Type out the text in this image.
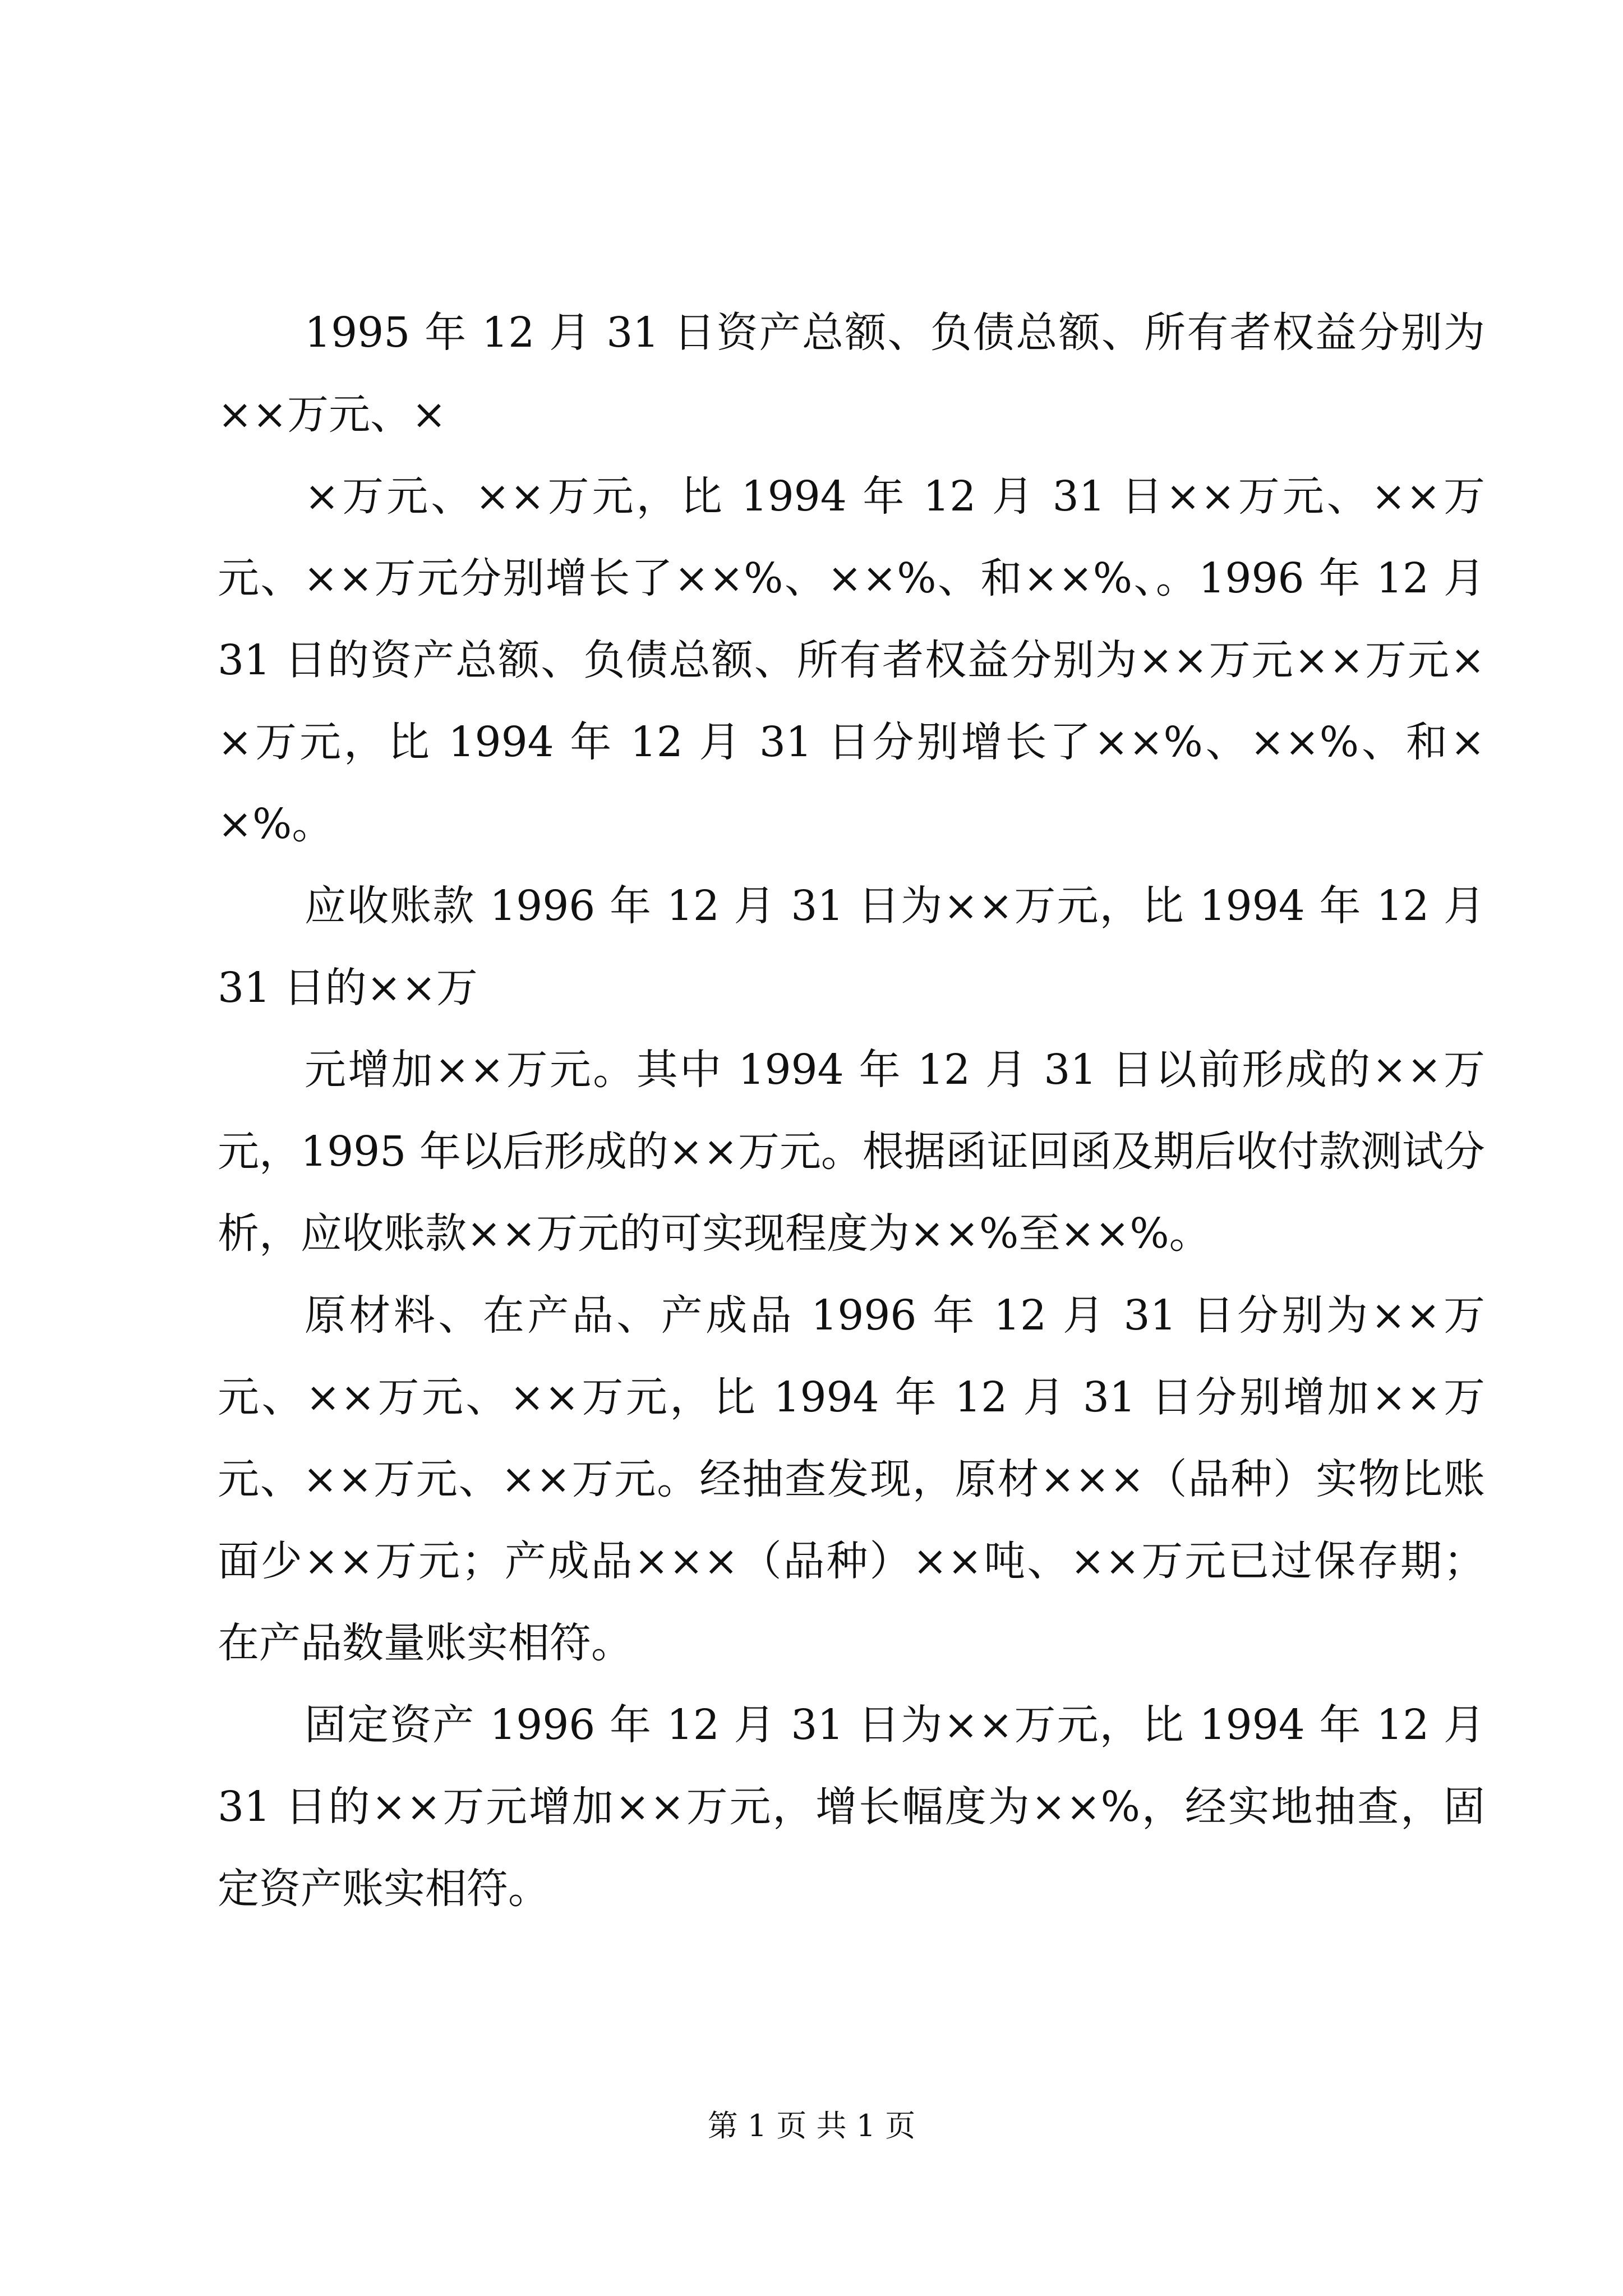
1995 年 12 月 31 日资产总额、负债总额、所有者权益分别为××万元、×

×万元、××万元，比 1994 年 12 月 31 日××万元、××万元、××万元分别增长了××%、××%、和××%、。1996 年 12 月 31 日的资产总额、负债总额、所有者权益分别为××万元××万元××万元，比 1994 年 12 月 31 日分别增长了××%、××%、和××%。

应收账款 1996 年 12 月 31 日为××万元，比 1994 年 12 月 31 日的××万

元增加××万元。其中 1994 年 12 月 31 日以前形成的××万元，1995 年以后形成的××万元。根据函证回函及期后收付款测试分析，应收账款××万元的可实现程度为××%至××%。

原材料、在产品、产成品 1996 年 12 月 31 日分别为××万元、××万元、××万元，比 1994 年 12 月 31 日分别增加××万元、××万元、××万元。经抽查发现，原材×××（品种）实物比账面少××万元；产成品×××（品种）××吨、××万元已过保存期；在产品数量账实相符。

固定资产 1996 年 12 月 31 日为××万元，比 1994 年 12 月 31 日的××万元增加××万元，增长幅度为××%，经实地抽查，固定资产账实相符。

第 1 页 共 1 页
